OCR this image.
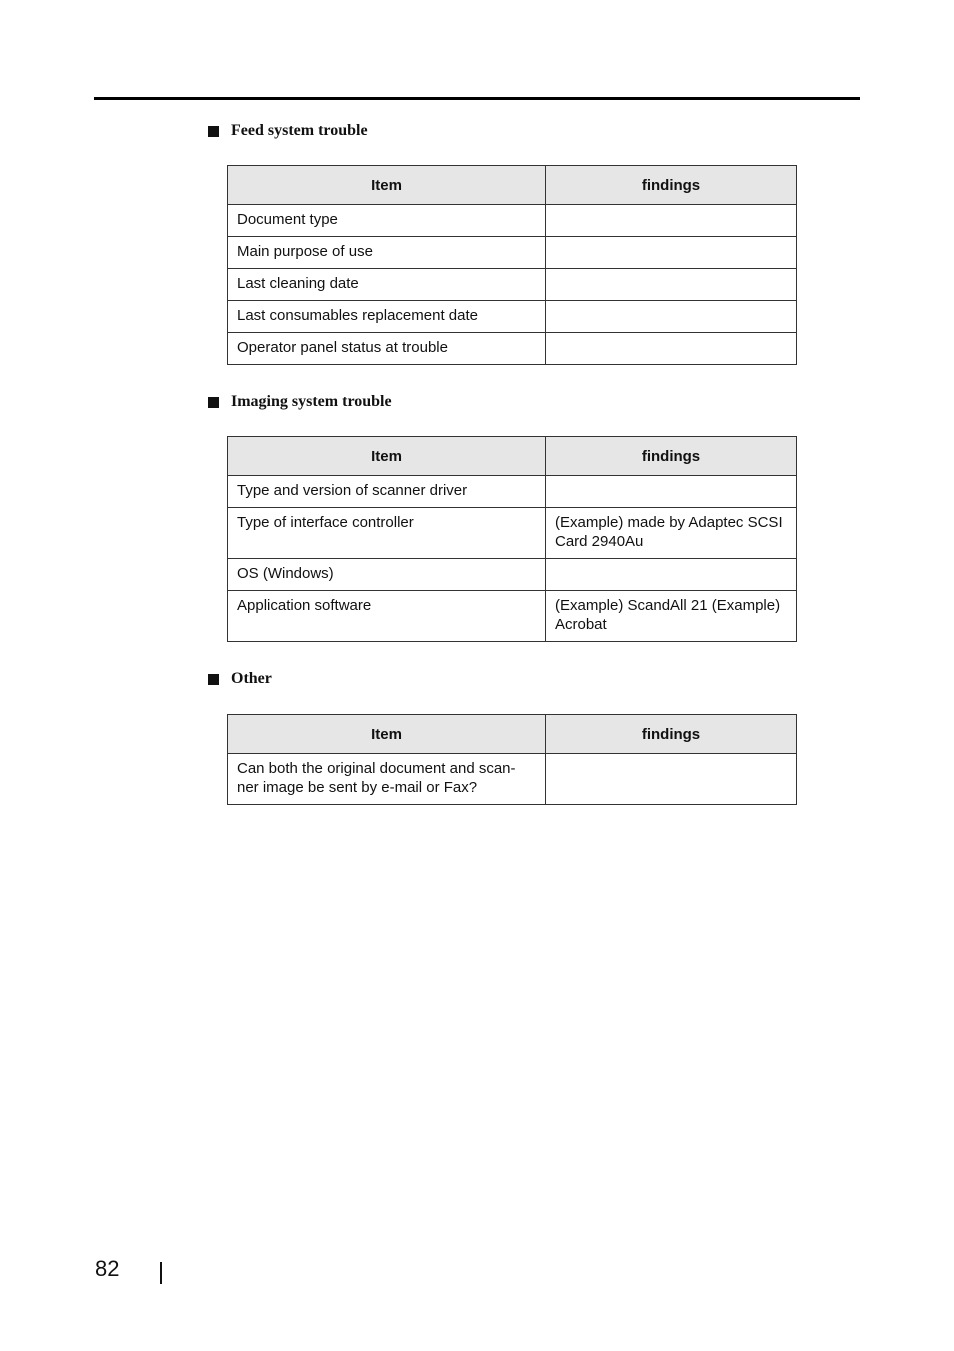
Feed system trouble
Item	findings
Document type	
Main purpose of use	
Last cleaning date	
Last consumables replacement date	
Operator panel status at trouble	
Imaging system trouble
Item	findings
Type and version of scanner driver	
Type of interface controller	(Example) made by Adaptec SCSI Card 2940Au
OS (Windows)	
Application software	(Example) ScandAll 21 (Example) Acrobat
Other
Item	findings
Can both the original document and scan-ner image be sent by e-mail or Fax?	
82
